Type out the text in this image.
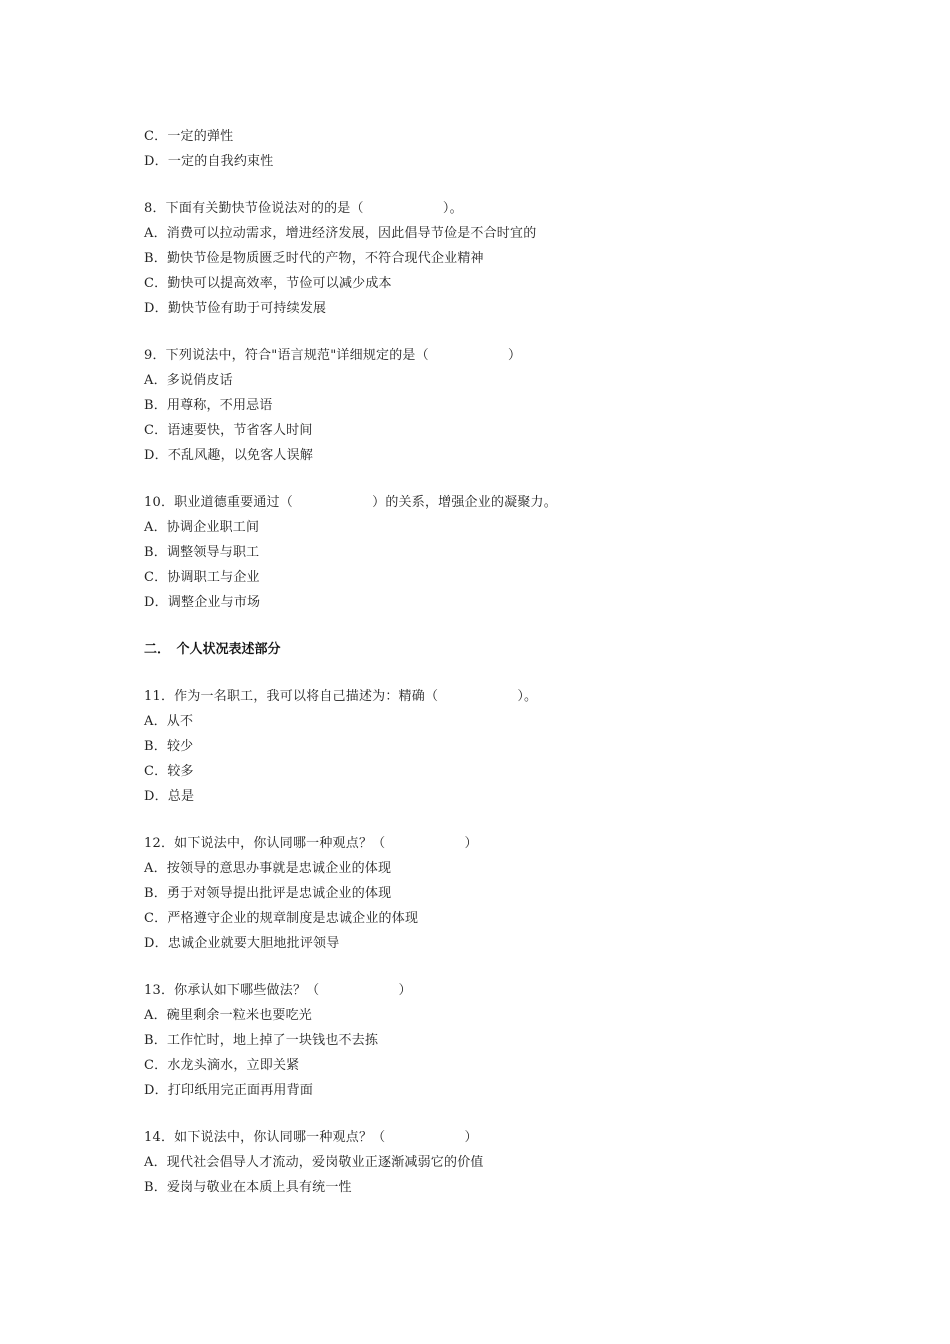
C．一定的弹性
D．一定的自我约束性
8．下面有关勤快节俭说法对的的是（　　　　　　）。
A．消费可以拉动需求，增进经济发展，因此倡导节俭是不合时宜的
B．勤快节俭是物质匮乏时代的产物，不符合现代企业精神
C．勤快可以提高效率，节俭可以减少成本
D．勤快节俭有助于可持续发展
9．下列说法中，符合"语言规范"详细规定的是（　　　　　　）
A．多说俏皮话
B．用尊称，不用忌语
C．语速要快，节省客人时间
D．不乱风趣，以免客人误解
10．职业道德重要通过（　　　　　　）的关系，增强企业的凝聚力。
A．协调企业职工间
B．调整领导与职工
C．协调职工与企业
D．调整企业与市场
二．　个人状况表述部分
11．作为一名职工，我可以将自己描述为：精确（　　　　　　）。
A．从不
B．较少
C．较多
D．总是
12．如下说法中，你认同哪一种观点？（　　　　　　）
A．按领导的意思办事就是忠诚企业的体现
B．勇于对领导提出批评是忠诚企业的体现
C．严格遵守企业的规章制度是忠诚企业的体现
D．忠诚企业就要大胆地批评领导
13．你承认如下哪些做法？（　　　　　　）
A．碗里剩余一粒米也要吃光
B．工作忙时，地上掉了一块钱也不去拣
C．水龙头滴水，立即关紧
D．打印纸用完正面再用背面
14．如下说法中，你认同哪一种观点？（　　　　　　）
A．现代社会倡导人才流动，爱岗敬业正逐渐减弱它的价值
B．爱岗与敬业在本质上具有统一性
